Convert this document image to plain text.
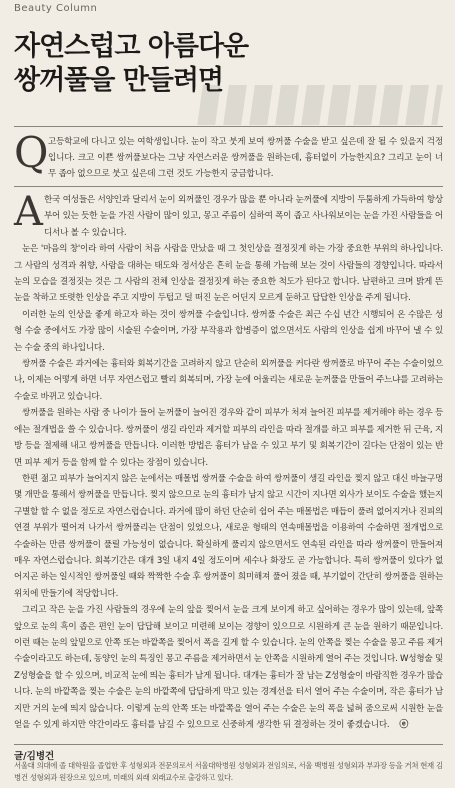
Beauty Column
자연스럽고 아름다운
쌍꺼풀을 만들려면
Q 고등학교에 다니고 있는 여학생입니다. 눈이 작고 붓게 보여 쌍꺼풀 수술을 받고 싶은데 잘 될 수 있을지 걱정입니다. 크고 이쁜 쌍꺼풀보다는 그냥 자연스러운 쌍꺼풀을 원하는데, 흉터없이 가능한지요? 그리고 눈이 너무 좁아 없으므로 붓고 싶은데 그런 것도 가능한지 궁금합니다.
A 한국 여성들은 서양인과 달리서 눈이 외꺼풀인 경우가 많을 뿐 아니라 눈꺼풀에 지방이 두툼하게 가득하여 항상 부어 있는 듯한 눈을 가진 사람이 많이 있고, 몽고 주름이 심하여 폭이 좁고 사나워보이는 눈을 가진 사람들을 어디서나 볼 수 있습니다.

눈은 '마음의 창'이라 하여 사람이 처음 사람을 만났을 때 그 첫인상을 결정짓게 하는 가장 중요한 부위의 하나입니다. 그 사람의 성격과 취향, 사람을 대하는 태도와 정서상은 흔히 눈을 통해 가늠해 보는 것이 사람들의 경향입니다. 따라서 눈의 모습을 결정짓는 것은 그 사람의 전체 인상을 결정짓게 하는 중요한 척도가 된다고 합니다. 남편하고 크며 밝게 뜬눈을 착하고 또렷한 인상을 주고 지방이 두텁고 덜 떠진 눈은 어딘지 모르게 둔하고 답답한 인상을 주게 됩니다.

이러한 눈의 인상을 좋게 하고자 하는 것이 쌍꺼풀 수술입니다. 쌍꺼풀 수술은 최근 수십 년간 시행되어 온 수많은 성형 수술 중에서도 가장 많이 시술된 수술이며, 가장 부작용과 합병증이 없으면서도 사람의 인상을 쉽게 바꾸어 낼 수 있는 수술 중의 하나입니다.

쌍꺼풀 수술은 과거에는 흉터와 회복기간을 고려하지 않고 단순히 외꺼풀을 커다란 쌍꺼풀로 바꾸어 주는 수술이었으나, 이제는 어떻게 하면 너무 자연스럽고 빨리 회복되며, 가장 눈에 어울리는 새로운 눈꺼풀을 만들어 주느냐를 고려하는 수술로 바뀌고 있습니다.

쌍꺼풀을 원하는 사람 중 나이가 들어 눈꺼풀이 늘어진 경우와 같이 피부가 처져 늘어진 피부를 제거해야 하는 경우 등에는 절개법을 쓸 수 있습니다. 쌍꺼풀이 생길 라인과 제거할 피부의 라인을 따라 절개를 하고 피부를 제거한 뒤 근육, 지방 등을 절제해 내고 쌍꺼풀을 만듭니다. 이러한 방법은 흉터가 남을 수 있고 부기 및 회복기간이 길다는 단점이 있는 반면 피부 제거 등을 함께 할 수 있다는 장점이 있습니다.

한편 젊고 피부가 늘어지지 않은 눈에서는 매몰법 쌍꺼풀 수술을 하여 쌍꺼풀이 생길 라인을 찢지 않고 대신 바늘구멍 몇 개만을 통해서 쌍꺼풀을 만듭니다. 찢지 않으므로 눈의 흉터가 남지 않고 시간이 지나면 외사가 보이도 수술을 했는지 구별할 할 수 없을 정도로 자연스럽습니다. 과거에 많이 하던 단순히 쉽어 주는 매몰법은 매듭이 풀려 없어지거나 진피의 연결 부위가 떨어져 나가서 쌍꺼풀리는 단점이 있었으나, 새로운 형태의 연속매몰법을 이용하여 수술하면 절개법으로 수술하는 만큼 쌍꺼풀이 풀릴 가능성이 없습니다. 확실하게 풀리지 않으면서도 연속된 라인을 따라 쌍꺼풀이 만들어져 매우 자연스럽습니다. 회복기간은 대개 3일 내지 4일 정도이며 세수나 화장도 곧 가능합니다. 특히 쌍꺼풀이 있다가 없어지곤 하는 일시적인 쌍꺼풀일 때와 짝짝한 수술 후 쌍꺼풀이 희미해져 풀어 졌을 때, 부기없이 간단히 쌍꺼풀을 원하는 위치에 만들기에 적당합니다.

그리고 작은 눈을 가진 사람들의 경우에 눈의 앞을 찢어서 눈을 크게 보이게 하고 싶어하는 경우가 많이 있는데, 앞쪽 앞으로 눈의 흑이 좁은 편인 눈이 답답해 보이고 미련해 보이는 경향이 있으므로 시원하게 큰 눈을 원하기 때문입니다. 이런 때는 눈의 앞밑으로 안쪽 또는 바깥쪽을 찢어서 폭을 길게 할 수 있습니다. 눈의 안쪽을 찢는 수술을 몽고 주름 제거 수술이라고도 하는데, 동양인 눈의 특징인 몽고 주름을 제거하면서 눈 안쪽을 시원하게 열어 주는 것입니다. W성형술 및 Z성형술을 할 수 있으며, 비교적 눈에 띄는 흉터가 남게 됩니다. 대개는 흉터가 잘 남는 Z성형술이 바람직한 경우가 많습니다. 눈의 바깥쪽을 찢는 수술은 눈의 바깥쪽에 답답하게 막고 있는 경계선을 터서 열어 주는 수술이며, 작은 흉터가 남지만 거의 눈에 띄지 않습니다. 이렇게 눈의 안쪽 또는 바깥쪽을 열어 주는 수술은 눈의 폭을 넓혀 줌으로써 시원한 눈을 얻을 수 있게 하지만 약간이라도 흉터를 남길 수 있으므로 신중하게 생각한 뒤 결정하는 것이 좋겠습니다. ⓔ

글/김병건
서울대 의대에 졸 대학원을 졸업한 후 성형외과 전문의로서 서울대학병원 성형외과 전임의로, 서울 백병원 성형외과 부과장 등을 거쳐 현재 김병건 성형외과 원장으로 있으며, 미래의 외래 외래교수로 출강하고 있다.
